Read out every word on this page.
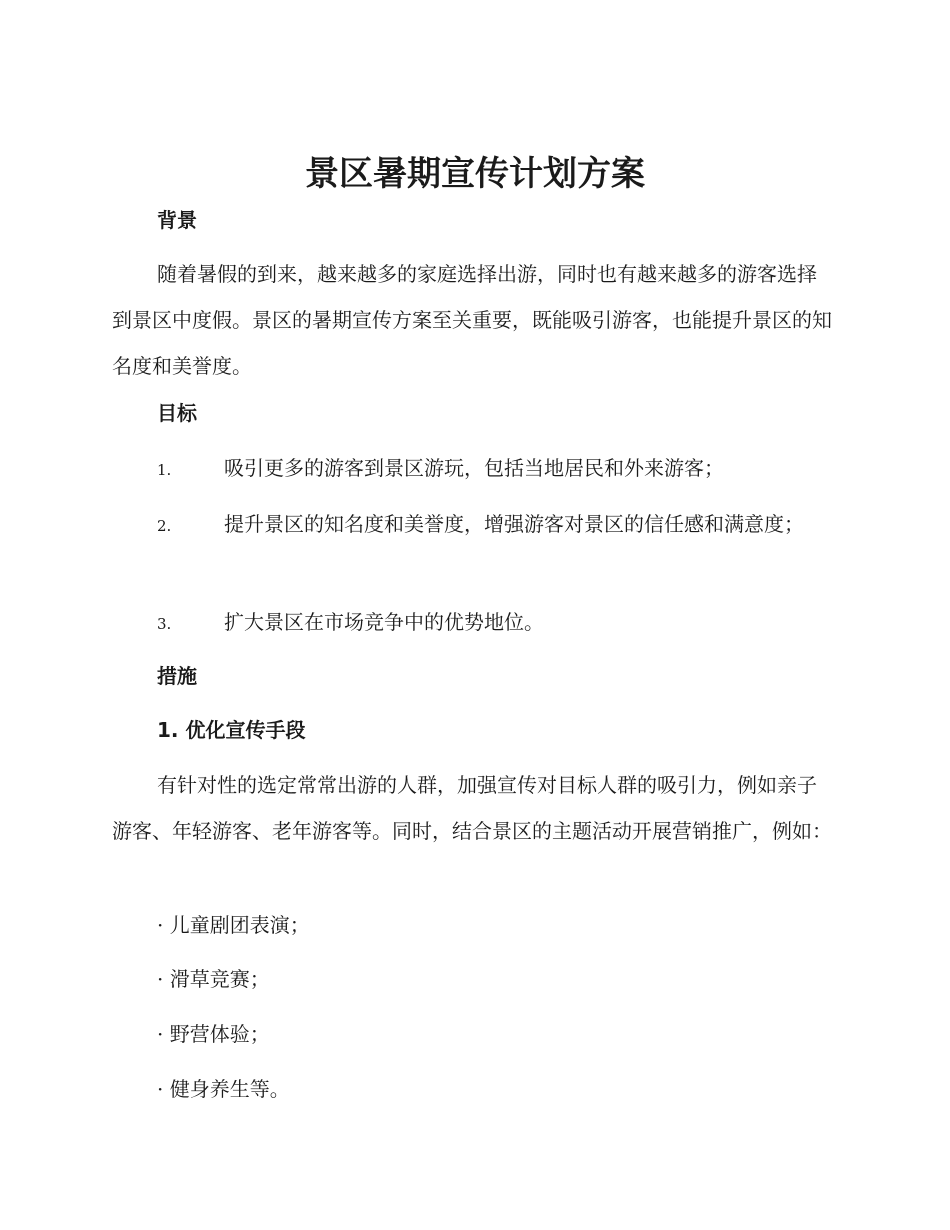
景区暑期宣传计划方案
背景

随着暑假的到来，越来越多的家庭选择出游，同时也有越来越多的游客选择到景区中度假。景区的暑期宣传方案至关重要，既能吸引游客，也能提升景区的知名度和美誉度。

目标

1.	吸引更多的游客到景区游玩，包括当地居民和外来游客；

2.	提升景区的知名度和美誉度，增强游客对景区的信任感和满意度；

3.	扩大景区在市场竞争中的优势地位。

措施
1. 优化宣传手段

有针对性的选定常常出游的人群，加强宣传对目标人群的吸引力，例如亲子游客、年轻游客、老年游客等。同时，结合景区的主题活动开展营销推广，例如：

· 儿童剧团表演；

· 滑草竞赛；

· 野营体验；

· 健身养生等。
